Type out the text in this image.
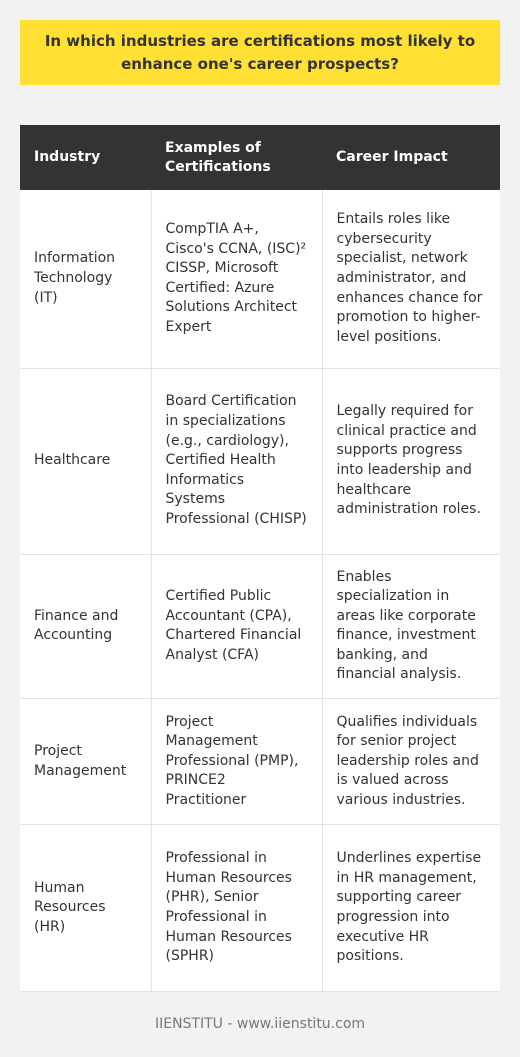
In which industries are certifications most likely to enhance one's career prospects?
Industry	Examples of Certifications	Career Impact
Information Technology (IT)	CompTIA A+, Cisco's CCNA, (ISC)² CISSP, Microsoft Certified: Azure Solutions Architect Expert	Entails roles like cybersecurity specialist, network administrator, and enhances chance for promotion to higher-level positions.
Healthcare	Board Certification in specializations (e.g., cardiology), Certified Health Informatics Systems Professional (CHISP)	Legally required for clinical practice and supports progress into leadership and healthcare administration roles.
Finance and Accounting	Certified Public Accountant (CPA), Chartered Financial Analyst (CFA)	Enables specialization in areas like corporate finance, investment banking, and financial analysis.
Project Management	Project Management Professional (PMP), PRINCE2 Practitioner	Qualifies individuals for senior project leadership roles and is valued across various industries.
Human Resources (HR)	Professional in Human Resources (PHR), Senior Professional in Human Resources (SPHR)	Underlines expertise in HR management, supporting career progression into executive HR positions.
IIENSTITU - www.iienstitu.com
